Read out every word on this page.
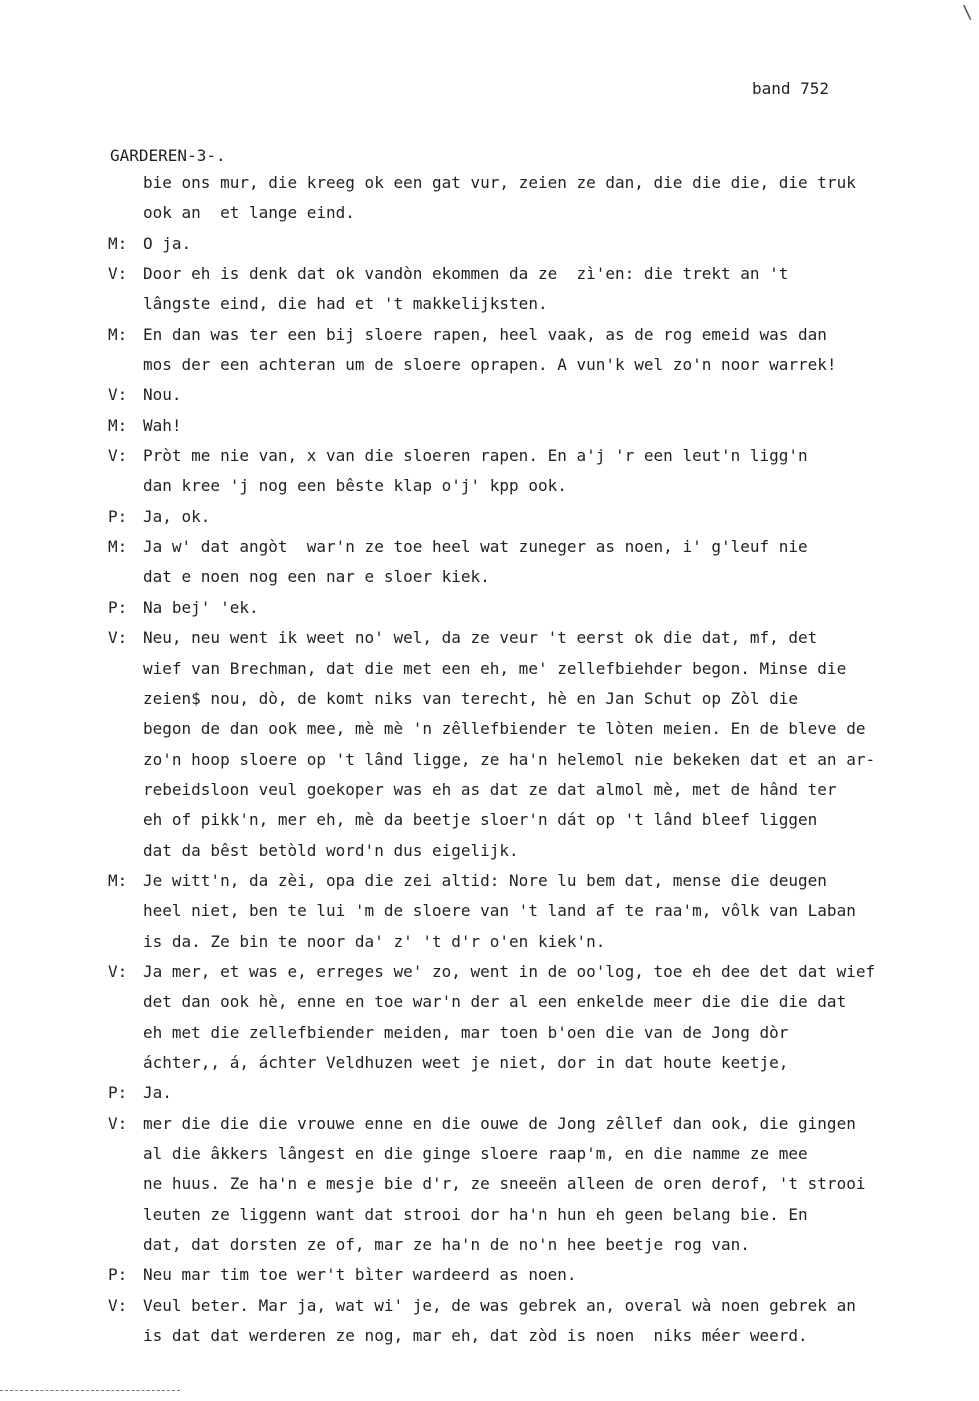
\
band 752
GARDEREN-3-.
bie ons mur, die kreeg ok een gat vur, zeien ze dan, die die die, die truk
ook an  et lange eind.
M: O ja.
V: Door eh is denk dat ok vandòn ekommen da ze  zì'en: die trekt an 't
lângste eind, die had et 't makkelijksten.
M: En dan was ter een bij sloere rapen, heel vaak, as de rog emeid was dan
mos der een achteran um de sloere oprapen. A vun'k wel zo'n noor warrek!
V: Nou.
M: Wah!
V: Pròt me nie van, x van die sloeren rapen. En a'j 'r een leut'n ligg'n
dan kree 'j nog een bêste klap o'j' kpp ook.
P: Ja, ok.
M: Ja w' dat angòt  war'n ze toe heel wat zuneger as noen, i' g'leuf nie
dat e noen nog een nar e sloer kiek.
P: Na bej' 'ek.
V: Neu, neu went ik weet no' wel, da ze veur 't eerst ok die dat, mf, det
wief van Brechman, dat die met een eh, me' zellefbiehder begon. Minse die
zeien$ nou, dò, de komt niks van terecht, hè en Jan Schut op Zòl die
begon de dan ook mee, mè mè 'n zêllefbiender te lòten meien. En de bleve de
zo'n hoop sloere op 't lând ligge, ze ha'n helemol nie bekeken dat et an ar-
rebeidsloon veul goekoper was eh as dat ze dat almol mè, met de hând ter
eh of pikk'n, mer eh, mè da beetje sloer'n dát op 't lând bleef liggen
dat da bêst betòld word'n dus eigelijk.
M: Je witt'n, da zèi, opa die zei altid: Nore lu bem dat, mense die deugen
heel niet, ben te lui 'm de sloere van 't land af te raa'm, vôlk van Laban
is da. Ze bin te noor da' z' 't d'r o'en kiek'n.
V: Ja mer, et was e, erreges we' zo, went in de oo'log, toe eh dee det dat wief
det dan ook hè, enne en toe war'n der al een enkelde meer die die die dat
eh met die zellefbiender meiden, mar toen b'oen die van de Jong dòr
áchter,, á, áchter Veldhuzen weet je niet, dor in dat houte keetje,
P: Ja.
V: mer die die die vrouwe enne en die ouwe de Jong zêllef dan ook, die gingen
al die âkkers lângest en die ginge sloere raap'm, en die namme ze mee
ne huus. Ze ha'n e mesje bie d'r, ze sneeën alleen de oren derof, 't strooi
leuten ze liggenn want dat strooi dor ha'n hun eh geen belang bie. En
dat, dat dorsten ze of, mar ze ha'n de no'n hee beetje rog van.
P: Neu mar tim toe wer't bìter wardeerd as noen.
V: Veul beter. Mar ja, wat wi' je, de was gebrek an, overal wà noen gebrek an
is dat dat werderen ze nog, mar eh, dat zòd is noen  niks méer weerd.
